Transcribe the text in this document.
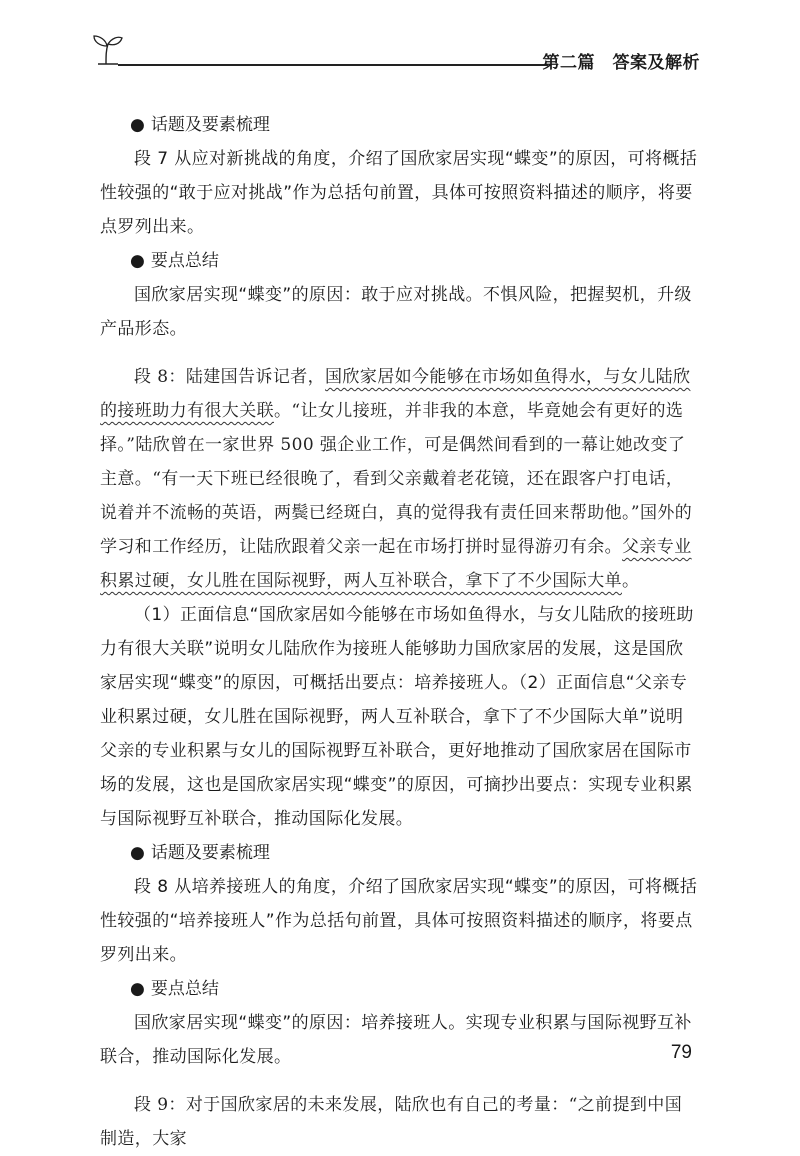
第二篇　答案及解析

● 话题及要素梳理

段 7 从应对新挑战的角度，介绍了国欣家居实现“蝶变”的原因，可将概括性较强的“敢于应对挑战”作为总括句前置，具体可按照资料描述的顺序，将要点罗列出来。

● 要点总结

国欣家居实现“蝶变”的原因：敢于应对挑战。不惧风险，把握契机，升级产品形态。

段 8：陆建国告诉记者，国欣家居如今能够在市场如鱼得水，与女儿陆欣的接班助力有很大关联。“让女儿接班，并非我的本意，毕竟她会有更好的选择。”陆欣曾在一家世界 500 强企业工作，可是偶然间看到的一幕让她改变了主意。“有一天下班已经很晚了，看到父亲戴着老花镜，还在跟客户打电话，说着并不流畅的英语，两鬓已经斑白，真的觉得我有责任回来帮助他。”国外的学习和工作经历，让陆欣跟着父亲一起在市场打拼时显得游刃有余。父亲专业积累过硬，女儿胜在国际视野，两人互补联合，拿下了不少国际大单。

（1）正面信息“国欣家居如今能够在市场如鱼得水，与女儿陆欣的接班助力有很大关联”说明女儿陆欣作为接班人能够助力国欣家居的发展，这是国欣家居实现“蝶变”的原因，可概括出要点：培养接班人。（2）正面信息“父亲专业积累过硬，女儿胜在国际视野，两人互补联合，拿下了不少国际大单”说明父亲的专业积累与女儿的国际视野互补联合，更好地推动了国欣家居在国际市场的发展，这也是国欣家居实现“蝶变”的原因，可摘抄出要点：实现专业积累与国际视野互补联合，推动国际化发展。

● 话题及要素梳理

段 8 从培养接班人的角度，介绍了国欣家居实现“蝶变”的原因，可将概括性较强的“培养接班人”作为总括句前置，具体可按照资料描述的顺序，将要点罗列出来。

● 要点总结

国欣家居实现“蝶变”的原因：培养接班人。实现专业积累与国际视野互补联合，推动国际化发展。

段 9：对于国欣家居的未来发展，陆欣也有自己的考量：“之前提到中国制造，大家

79
